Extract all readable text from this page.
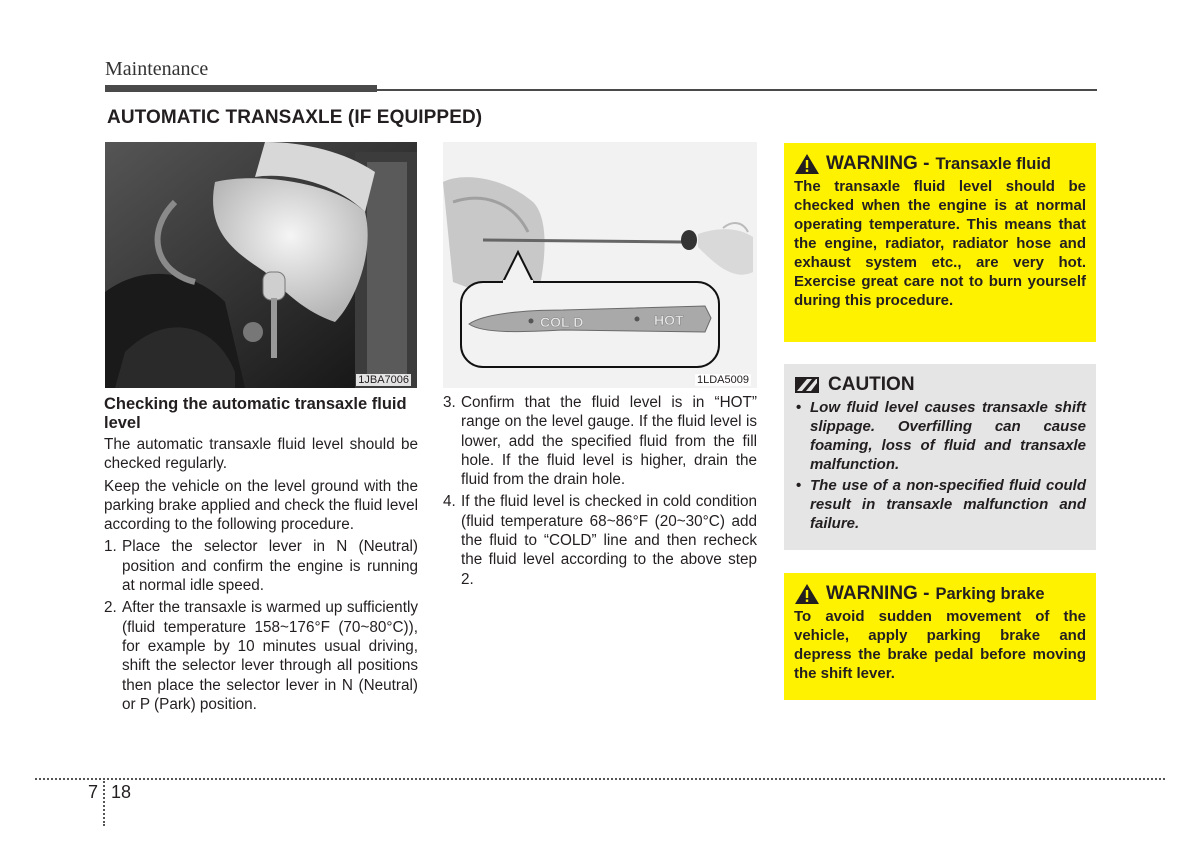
Maintenance
AUTOMATIC TRANSAXLE (IF EQUIPPED)
1JBA7006
COL D	HOT
1LDA5009
Checking the automatic transaxle fluid level

The automatic transaxle fluid level should be checked regularly.

Keep the vehicle on the level ground with the parking brake applied and check the fluid level according to the following procedure.

1. Place the selector lever in N (Neutral) position and confirm the engine is running at normal idle speed.
2. After the transaxle is warmed up sufficiently (fluid temperature 158~176°F (70~80°C)), for example by 10 minutes usual driving, shift the selector lever through all positions then place the selector lever in N (Neutral) or P (Park) position.
3. Confirm that the fluid level is in “HOT” range on the level gauge. If the fluid level is lower, add the specified fluid from the fill hole. If the fluid level is higher, drain the fluid from the drain hole.
4. If the fluid level is checked in cold condition (fluid temperature 68~86°F (20~30°C) add the fluid to “COLD” line and then recheck the fluid level according to the above step 2.
WARNING - Transaxle fluid
The transaxle fluid level should be checked when the engine is at normal operating temperature. This means that the engine, radiator, radiator hose and exhaust system etc., are very hot. Exercise great care not to burn yourself during this procedure.
CAUTION
• Low fluid level causes transaxle shift slippage. Overfilling can cause foaming, loss of fluid and transaxle malfunction.
• The use of a non-specified fluid could result in transaxle malfunction and failure.
WARNING - Parking brake
To avoid sudden movement of the vehicle, apply parking brake and depress the brake pedal before moving the shift lever.
7 18
